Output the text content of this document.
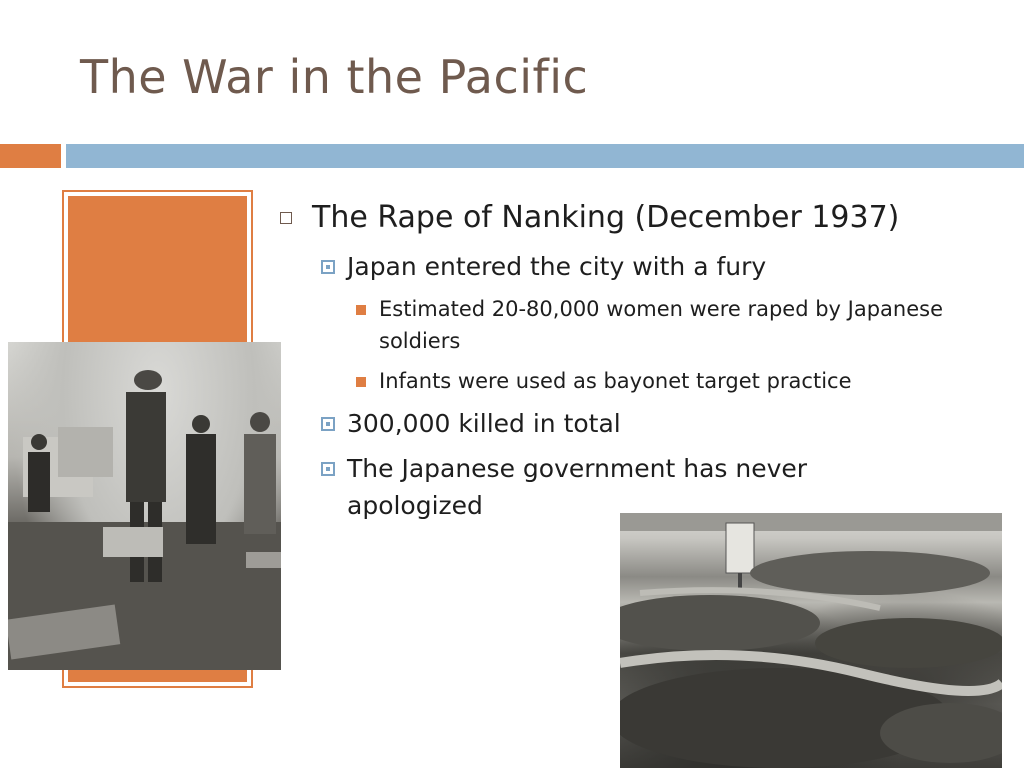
The War in the Pacific
The Rape of Nanking (December 1937)
Japan entered the city with a fury
Estimated 20-80,000 women were raped by Japanese soldiers
Infants were used as bayonet target practice
300,000 killed in total
The Japanese government has never apologized
